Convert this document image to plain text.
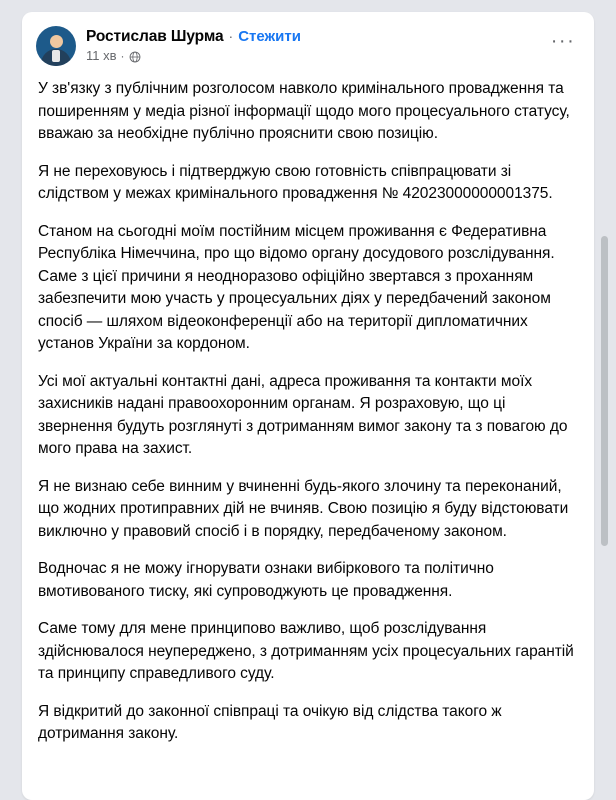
Ростислав Шурма · Стежити
11 хв ·
···

У зв'язку з публічним розголосом навколо кримінального провадження та поширенням у медіа різної інформації щодо мого процесуального статусу, вважаю за необхідне публічно прояснити свою позицію.

Я не переховуюсь і підтверджую свою готовність співпрацювати зі слідством у межах кримінального провадження № 42023000000001375.

Станом на сьогодні моїм постійним місцем проживання є Федеративна Республіка Німеччина, про що відомо органу досудового розслідування. Саме з цієї причини я неодноразово офіційно звертався з проханням забезпечити мою участь у процесуальних діях у передбачений законом спосіб — шляхом відеоконференції або на території дипломатичних установ України за кордоном.

Усі мої актуальні контактні дані, адреса проживання та контакти моїх захисників надані правоохоронним органам. Я розраховую, що ці звернення будуть розглянуті з дотриманням вимог закону та з повагою до мого права на захист.

Я не визнаю себе винним у вчиненні будь-якого злочину та переконаний, що жодних протиправних дій не вчиняв. Свою позицію я буду відстоювати виключно у правовий спосіб і в порядку, передбаченому законом.

Водночас я не можу ігнорувати ознаки вибіркового та політично вмотивованого тиску, які супроводжують це провадження.

Саме тому для мене принципово важливо, щоб розслідування здійснювалося неупереджено, з дотриманням усіх процесуальних гарантій та принципу справедливого суду.

Я відкритий до законної співпраці та очікую від слідства такого ж дотримання закону.
